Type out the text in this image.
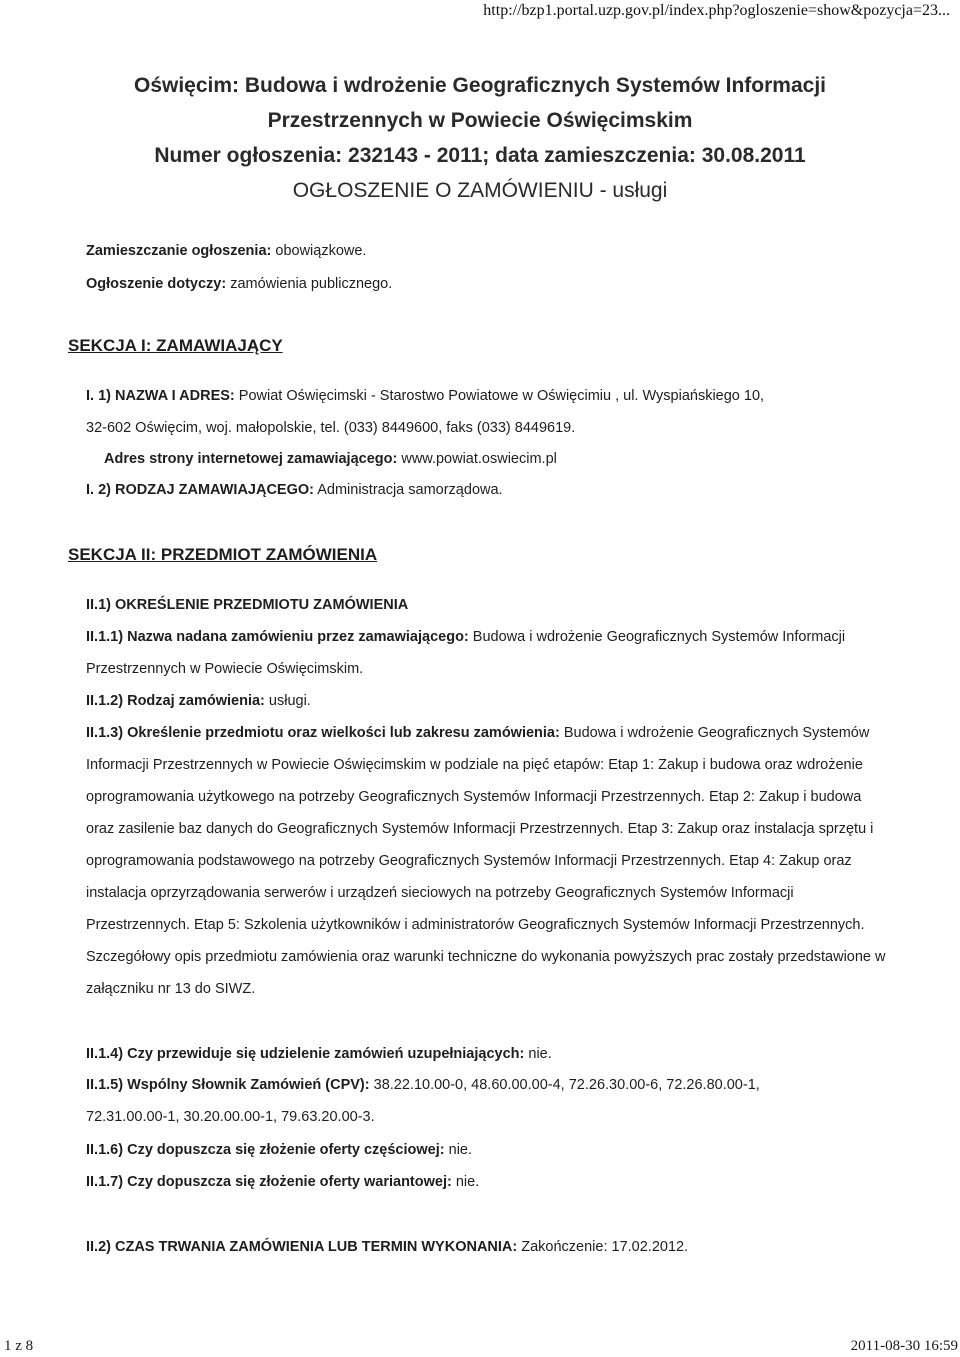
http://bzp1.portal.uzp.gov.pl/index.php?ogloszenie=show&pozycja=23...
Oświęcim: Budowa i wdrożenie Geograficznych Systemów Informacji
Przestrzennych w Powiecie Oświęcimskim
Numer ogłoszenia: 232143 - 2011; data zamieszczenia: 30.08.2011
OGŁOSZENIE O ZAMÓWIENIU - usługi
Zamieszczanie ogłoszenia: obowiązkowe.
Ogłoszenie dotyczy: zamówienia publicznego.
SEKCJA I: ZAMAWIAJĄCY
I. 1) NAZWA I ADRES: Powiat Oświęcimski - Starostwo Powiatowe w Oświęcimiu , ul. Wyspiańskiego 10,
32-602 Oświęcim, woj. małopolskie, tel. (033) 8449600, faks (033) 8449619.
Adres strony internetowej zamawiającego: www.powiat.oswiecim.pl
I. 2) RODZAJ ZAMAWIAJĄCEGO: Administracja samorządowa.
SEKCJA II: PRZEDMIOT ZAMÓWIENIA
II.1) OKREŚLENIE PRZEDMIOTU ZAMÓWIENIA
II.1.1) Nazwa nadana zamówieniu przez zamawiającego: Budowa i wdrożenie Geograficznych Systemów Informacji Przestrzennych w Powiecie Oświęcimskim.
II.1.2) Rodzaj zamówienia: usługi.
II.1.3) Określenie przedmiotu oraz wielkości lub zakresu zamówienia: Budowa i wdrożenie Geograficznych Systemów Informacji Przestrzennych w Powiecie Oświęcimskim w podziale na pięć etapów: Etap 1: Zakup i budowa oraz wdrożenie oprogramowania użytkowego na potrzeby Geograficznych Systemów Informacji Przestrzennych. Etap 2: Zakup i budowa oraz zasilenie baz danych do Geograficznych Systemów Informacji Przestrzennych. Etap 3: Zakup oraz instalacja sprzętu i oprogramowania podstawowego na potrzeby Geograficznych Systemów Informacji Przestrzennych. Etap 4: Zakup oraz instalacja oprzyrządowania serwerów i urządzeń sieciowych na potrzeby Geograficznych Systemów Informacji Przestrzennych. Etap 5: Szkolenia użytkowników i administratorów Geograficznych Systemów Informacji Przestrzennych. Szczegółowy opis przedmiotu zamówienia oraz warunki techniczne do wykonania powyższych prac zostały przedstawione w załączniku nr 13 do SIWZ.
II.1.4) Czy przewiduje się udzielenie zamówień uzupełniających: nie.
II.1.5) Wspólny Słownik Zamówień (CPV): 38.22.10.00-0, 48.60.00.00-4, 72.26.30.00-6, 72.26.80.00-1,
72.31.00.00-1, 30.20.00.00-1, 79.63.20.00-3.
II.1.6) Czy dopuszcza się złożenie oferty częściowej: nie.
II.1.7) Czy dopuszcza się złożenie oferty wariantowej: nie.
II.2) CZAS TRWANIA ZAMÓWIENIA LUB TERMIN WYKONANIA: Zakończenie: 17.02.2012.
1 z 8	2011-08-30 16:59
